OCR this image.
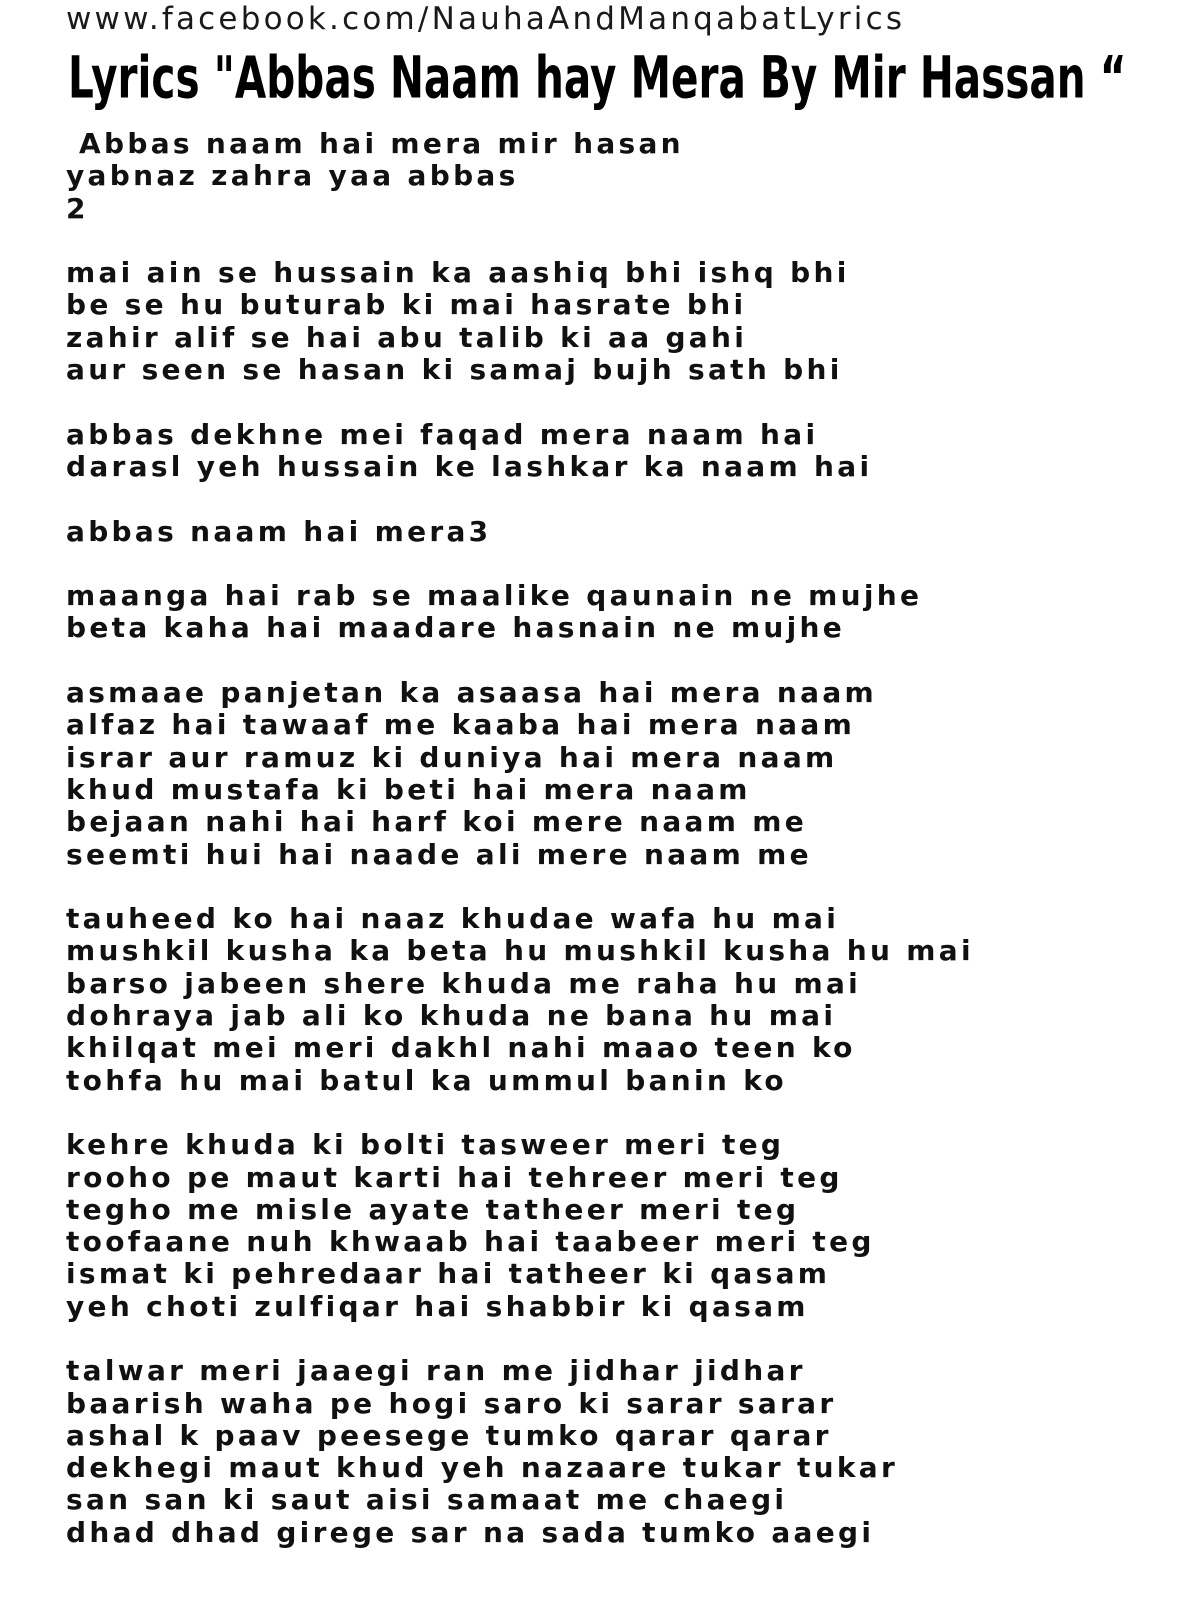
www.facebook.com/NauhaAndManqabatLyrics
Lyrics "Abbas Naam hay Mera By Mir Hassan “
Abbas naam hai mera mir hasan
yabnaz zahra yaa abbas
2
mai ain se hussain ka aashiq bhi ishq bhi
be se hu buturab ki mai hasrate bhi
zahir alif se hai abu talib ki aa gahi
aur seen se hasan ki samaj bujh sath bhi
abbas dekhne mei faqad mera naam hai
darasl yeh hussain ke lashkar ka naam hai
abbas naam hai mera3
maanga hai rab se maalike qaunain ne mujhe
beta kaha hai maadare hasnain ne mujhe
asmaae panjetan ka asaasa hai mera naam
alfaz hai tawaaf me kaaba hai mera naam
israr aur ramuz ki duniya hai mera naam
khud mustafa ki beti hai mera naam
bejaan nahi hai harf koi mere naam me
seemti hui hai naade ali mere naam me
tauheed ko hai naaz khudae wafa hu mai
mushkil kusha ka beta hu mushkil kusha hu mai
barso jabeen shere khuda me raha hu mai
dohraya jab ali ko khuda ne bana hu mai
khilqat mei meri dakhl nahi maao teen ko
tohfa hu mai batul ka ummul banin ko
kehre khuda ki bolti tasweer meri teg
rooho pe maut karti hai tehreer meri teg
tegho me misle ayate tatheer meri teg
toofaane nuh khwaab hai taabeer meri teg
ismat ki pehredaar hai tatheer ki qasam
yeh choti zulfiqar hai shabbir ki qasam
talwar meri jaaegi ran me jidhar jidhar
baarish waha pe hogi saro ki sarar sarar
ashal k paav peesege tumko qarar qarar
dekhegi maut khud yeh nazaare tukar tukar
san san ki saut aisi samaat me chaegi
dhad dhad girege sar na sada tumko aaegi
